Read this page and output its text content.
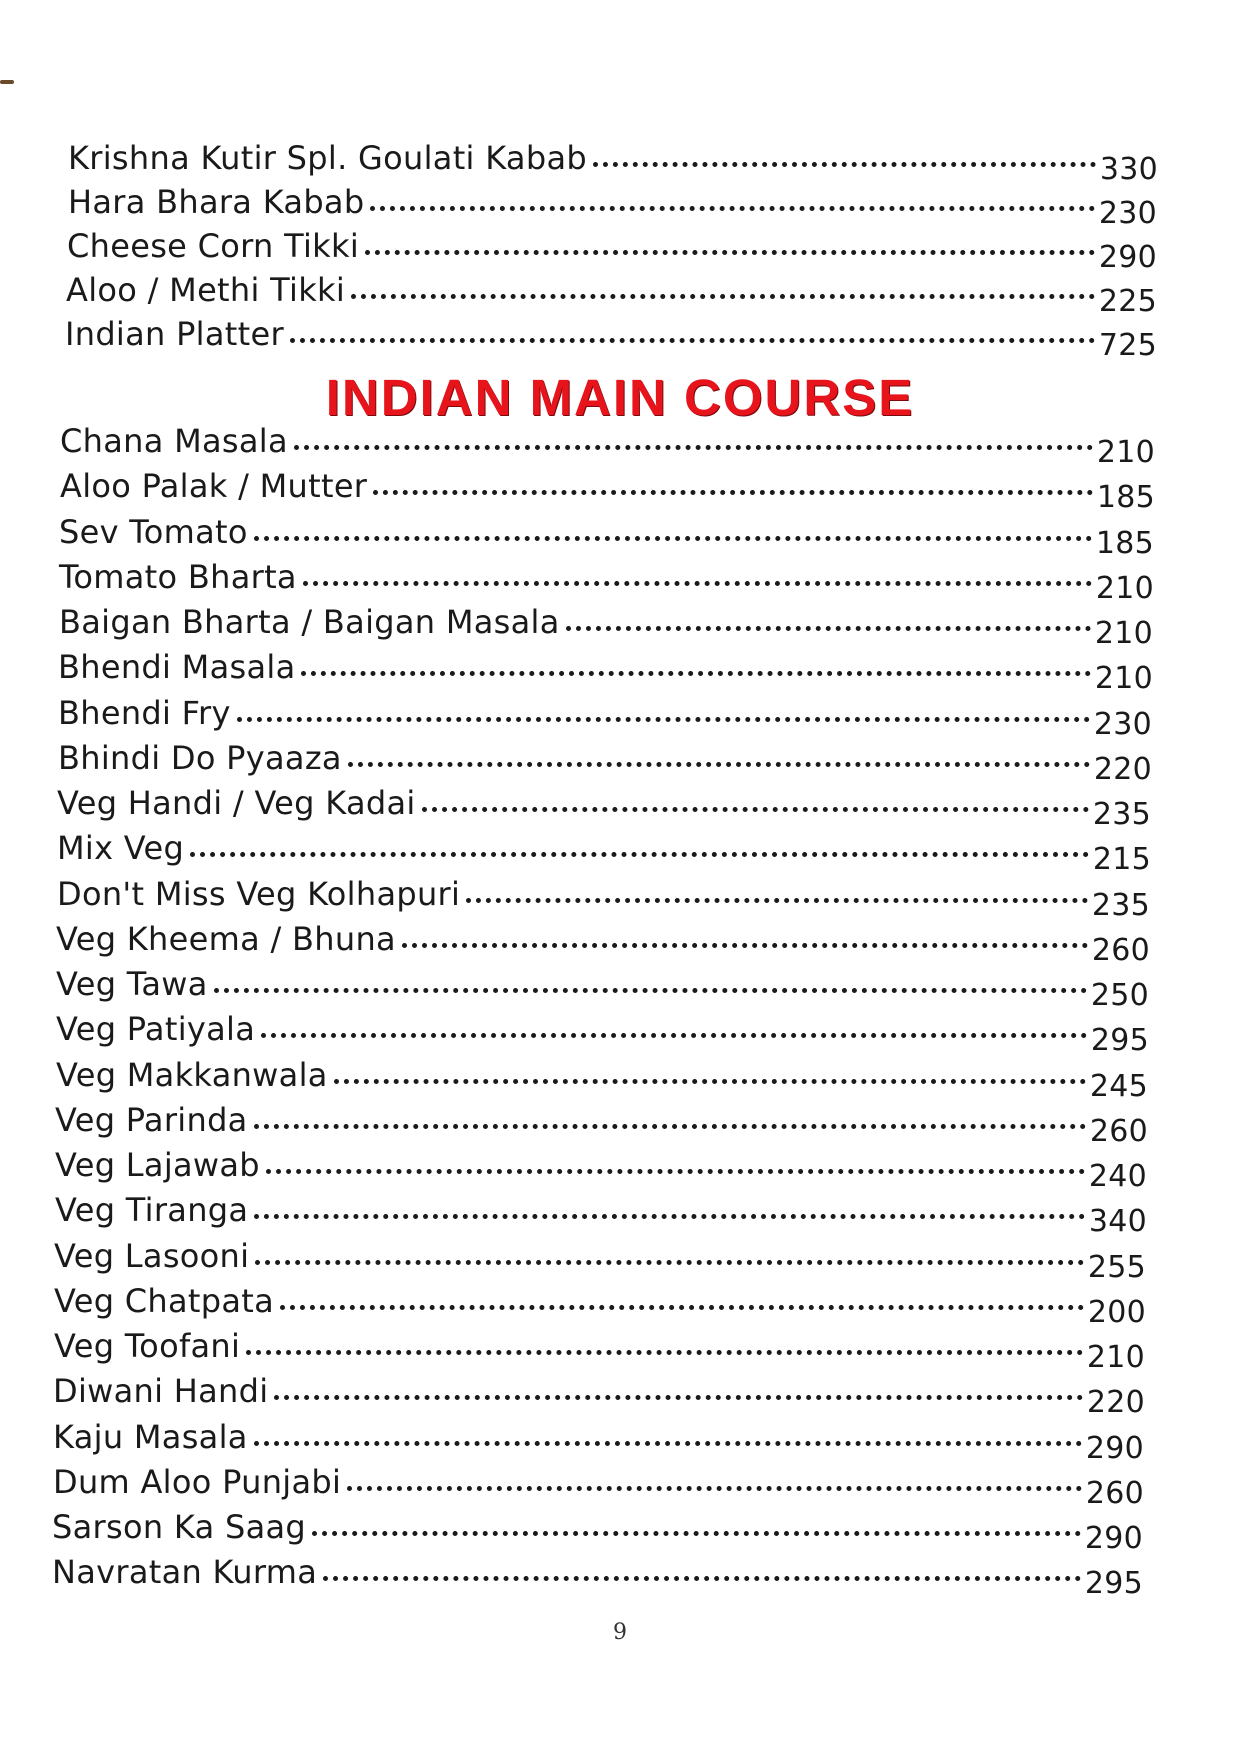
Krishna Kutir Spl. Goulati Kabab	330
Hara Bhara Kabab	230
Cheese Corn Tikki	290
Aloo / Methi Tikki	225
Indian Platter	725
INDIAN MAIN COURSE
Chana Masala	210
Aloo Palak / Mutter	185
Sev Tomato	185
Tomato Bharta	210
Baigan Bharta / Baigan Masala	210
Bhendi Masala	210
Bhendi Fry	230
Bhindi Do Pyaaza	220
Veg Handi / Veg Kadai	235
Mix Veg	215
Don't Miss Veg Kolhapuri	235
Veg Kheema / Bhuna	260
Veg Tawa	250
Veg Patiyala	295
Veg Makkanwala	245
Veg Parinda	260
Veg Lajawab	240
Veg Tiranga	340
Veg Lasooni	255
Veg Chatpata	200
Veg Toofani	210
Diwani Handi	220
Kaju Masala	290
Dum Aloo Punjabi	260
Sarson Ka Saag	290
Navratan Kurma	295
9
